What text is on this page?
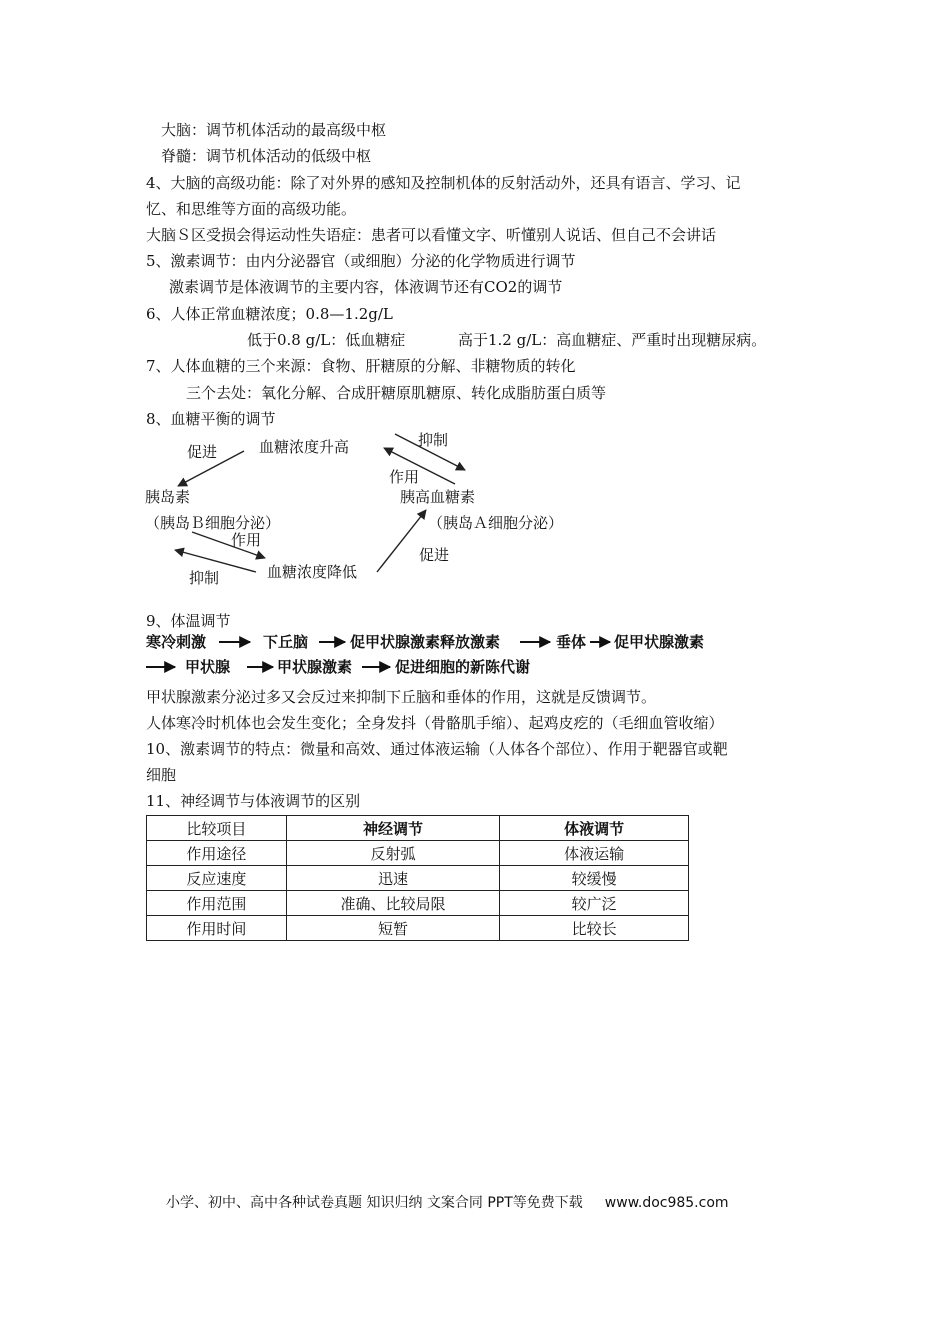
大脑：调节机体活动的最高级中枢
脊髓：调节机体活动的低级中枢
4、大脑的高级功能：除了对外界的感知及控制机体的反射活动外，还具有语言、学习、记
忆、和思维等方面的高级功能。
大脑Ｓ区受损会得运动性失语症：患者可以看懂文字、听懂别人说话、但自己不会讲话
5、激素调节：由内分泌器官（或细胞）分泌的化学物质进行调节
激素调节是体液调节的主要内容，体液调节还有CO2的调节
6、人体正常血糖浓度；0.8—1.2g/L
低于0.8 g/L：低血糖症	高于1.2 g/L：高血糖症、严重时出现糖尿病。
7、人体血糖的三个来源：食物、肝糖原的分解、非糖物质的转化
三个去处：氧化分解、合成肝糖原肌糖原、转化成脂肪蛋白质等
8、血糖平衡的调节
血糖浓度升高
促进
抑制
作用
胰岛素	胰高血糖素
（胰岛Ｂ细胞分泌）	（胰岛Ａ细胞分泌）
作用
促进
抑制	血糖浓度降低
9、体温调节
寒冷刺激	下丘脑	促甲状腺激素释放激素	垂体 促甲状腺激素
甲状腺	甲状腺激素	促进细胞的新陈代谢
甲状腺激素分泌过多又会反过来抑制下丘脑和垂体的作用，这就是反馈调节。
人体寒冷时机体也会发生变化；全身发抖（骨骼肌手缩）、起鸡皮疙的（毛细血管收缩）
10、激素调节的特点：微量和高效、通过体液运输（人体各个部位）、作用于靶器官或靶
细胞
11、神经调节与体液调节的区别
比较项目	神经调节	体液调节
作用途径	反射弧	体液运输
反应速度	迅速	较缓慢
作用范围	准确、比较局限	较广泛
作用时间	短暂	比较长
小学、初中、高中各种试卷真题 知识归纳 文案合同 PPT等免费下载 www.doc985.com
